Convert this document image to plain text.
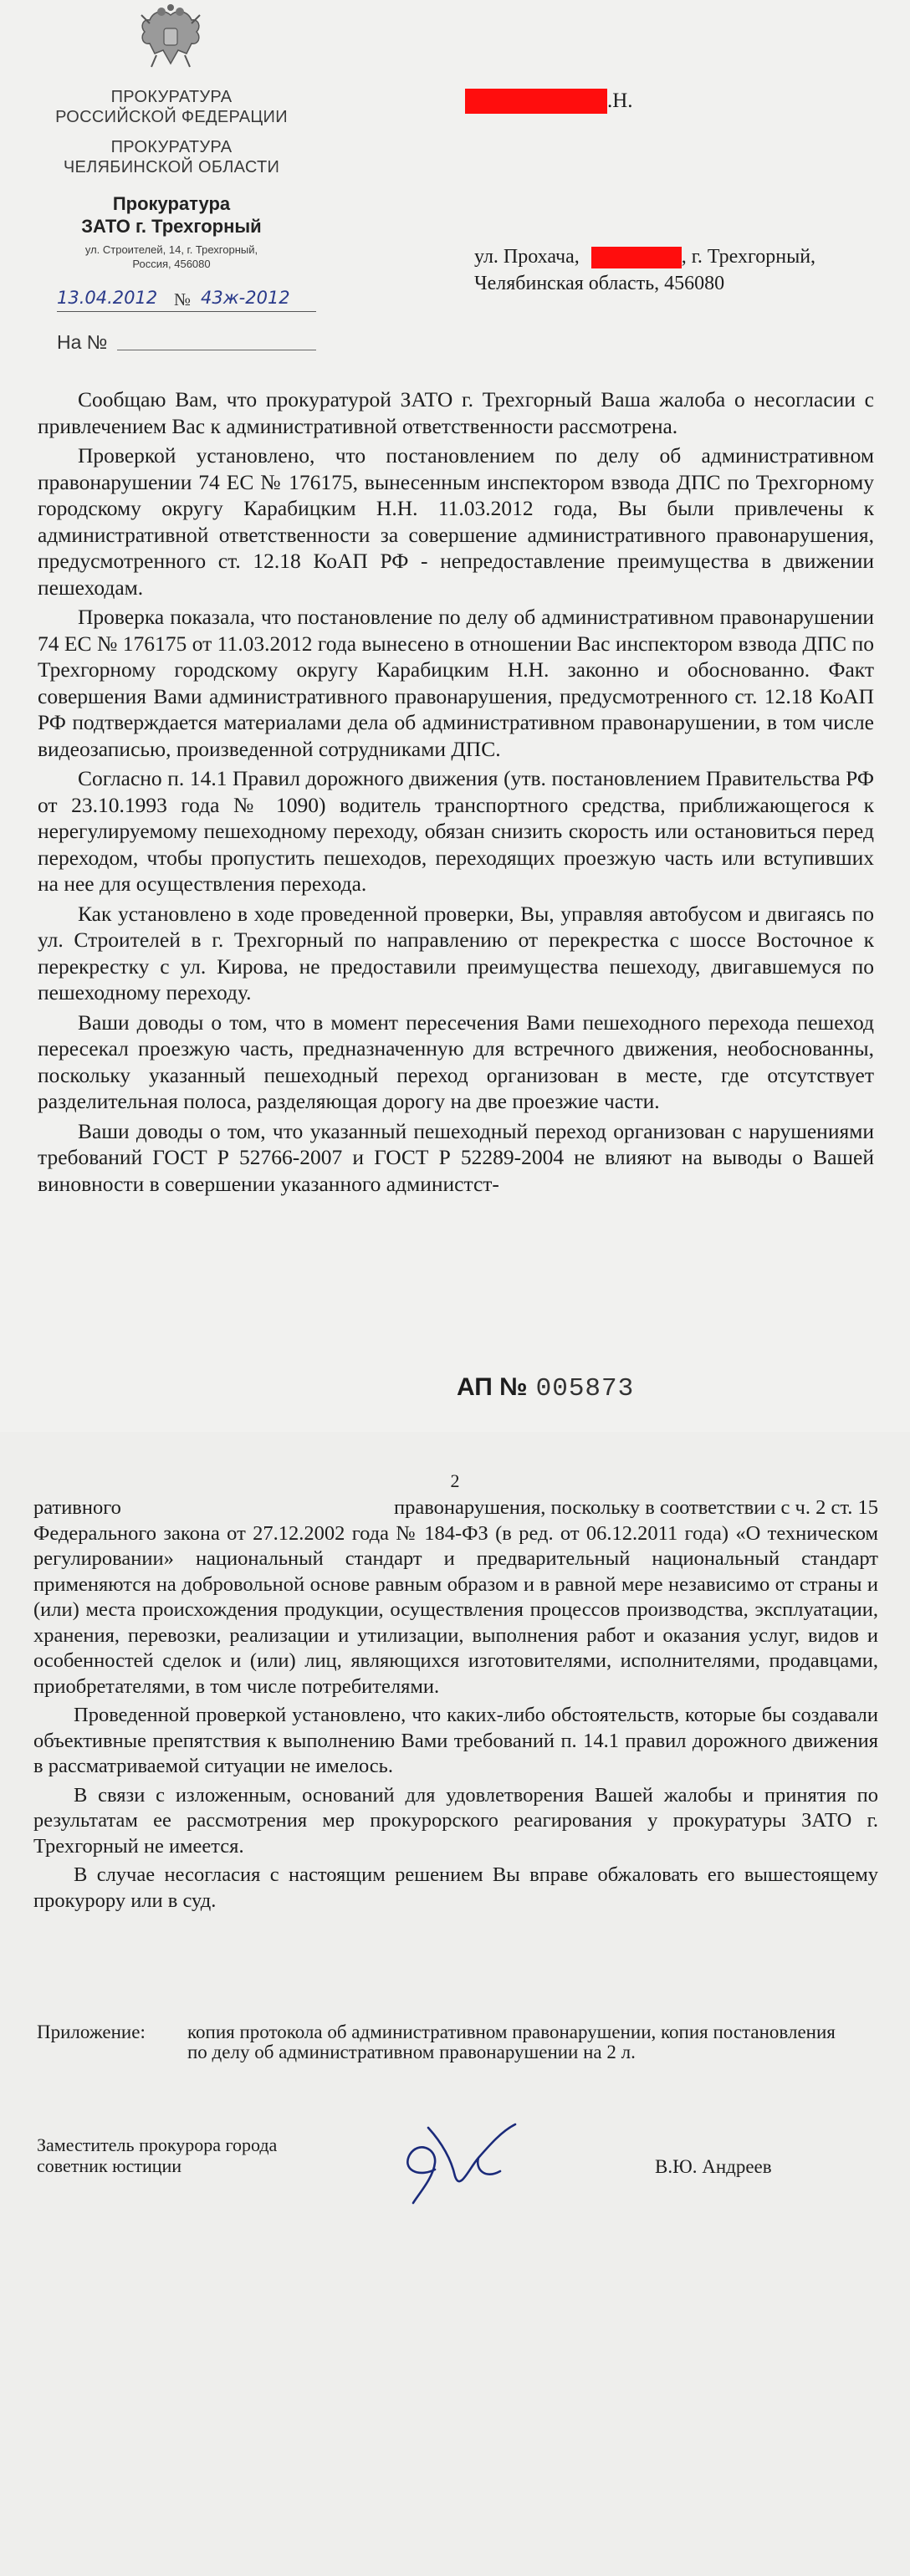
ПРОКУРАТУРА
РОССИЙСКОЙ ФЕДЕРАЦИИ
ПРОКУРАТУРА
ЧЕЛЯБИНСКОЙ ОБЛАСТИ
Прокуратура
ЗАТО г. Трехгорный
ул. Строителей, 14, г. Трехгорный,
Россия, 456080
13.04.2012 № 43ж-2012
На №
.Н.
ул. Прохача,	, г. Трехгорный,
Челябинская область, 456080

Сообщаю Вам, что прокуратурой ЗАТО г. Трехгорный Ваша жалоба о несогласии с привлечением Вас к административной ответственности рассмотрена.

Проверкой установлено, что постановлением по делу об административном правонарушении 74 ЕС № 176175, вынесенным инспектором взвода ДПС по Трехгорному городскому округу Карабицким Н.Н. 11.03.2012 года, Вы были привлечены к административной ответственности за совершение административного правонарушения, предусмотренного ст. 12.18 КоАП РФ - непредоставление преимущества в движении пешеходам.

Проверка показала, что постановление по делу об административном правонарушении 74 ЕС № 176175 от 11.03.2012 года вынесено в отношении Вас инспектором взвода ДПС по Трехгорному городскому округу Карабицким Н.Н. законно и обоснованно. Факт совершения Вами административного правонарушения, предусмотренного ст. 12.18 КоАП РФ подтверждается материалами дела об административном правонарушении, в том числе видеозаписью, произведенной сотрудниками ДПС.

Согласно п. 14.1 Правил дорожного движения (утв. постановлением Правительства РФ от 23.10.1993 года № 1090) водитель транспортного средства, приближающегося к нерегулируемому пешеходному переходу, обязан снизить скорость или остановиться перед переходом, чтобы пропустить пешеходов, переходящих проезжую часть или вступивших на нее для осуществления перехода.

Как установлено в ходе проведенной проверки, Вы, управляя автобусом и двигаясь по ул. Строителей в г. Трехгорный по направлению от перекрестка с шоссе Восточное к перекрестку с ул. Кирова, не предоставили преимущества пешеходу, двигавшемуся по пешеходному переходу.

Ваши доводы о том, что в момент пересечения Вами пешеходного перехода пешеход пересекал проезжую часть, предназначенную для встречного движения, необоснованны, поскольку указанный пешеходный переход организован в месте, где отсутствует разделительная полоса, разделяющая дорогу на две проезжие части.

Ваши доводы о том, что указанный пешеходный переход организован с нарушениями требований ГОСТ Р 52766-2007 и ГОСТ Р 52289-2004 не влияют на выводы о Вашей виновности в совершении указанного администст-

АП № 005873
2
ративного	правонарушения, поскольку в соответствии с ч. 2 ст. 15
Федерального закона от 27.12.2002 года № 184-ФЗ (в ред. от 06.12.2011 года) «О техническом регулировании» национальный стандарт и предварительный национальный стандарт применяются на добровольной основе равным образом и в равной мере независимо от страны и (или) места происхождения продукции, осуществления процессов производства, эксплуатации, хранения, перевозки, реализации и утилизации, выполнения работ и оказания услуг, видов и особенностей сделок и (или) лиц, являющихся изготовителями, исполнителями, продавцами, приобретателями, в том числе потребителями.

Проведенной проверкой установлено, что каких-либо обстоятельств, которые бы создавали объективные препятствия к выполнению Вами требований п. 14.1 правил дорожного движения в рассматриваемой ситуации не имелось.

В связи с изложенным, оснований для удовлетворения Вашей жалобы и принятия по результатам ее рассмотрения мер прокурорского реагирования у прокуратуры ЗАТО г. Трехгорный не имеется.

В случае несогласия с настоящим решением Вы вправе обжаловать его вышестоящему прокурору или в суд.

Приложение: копия протокола об административном правонарушении, копия постановления по делу об административном правонарушении на 2 л.
Заместитель прокурора города
советник юстиции	В.Ю. Андреев
